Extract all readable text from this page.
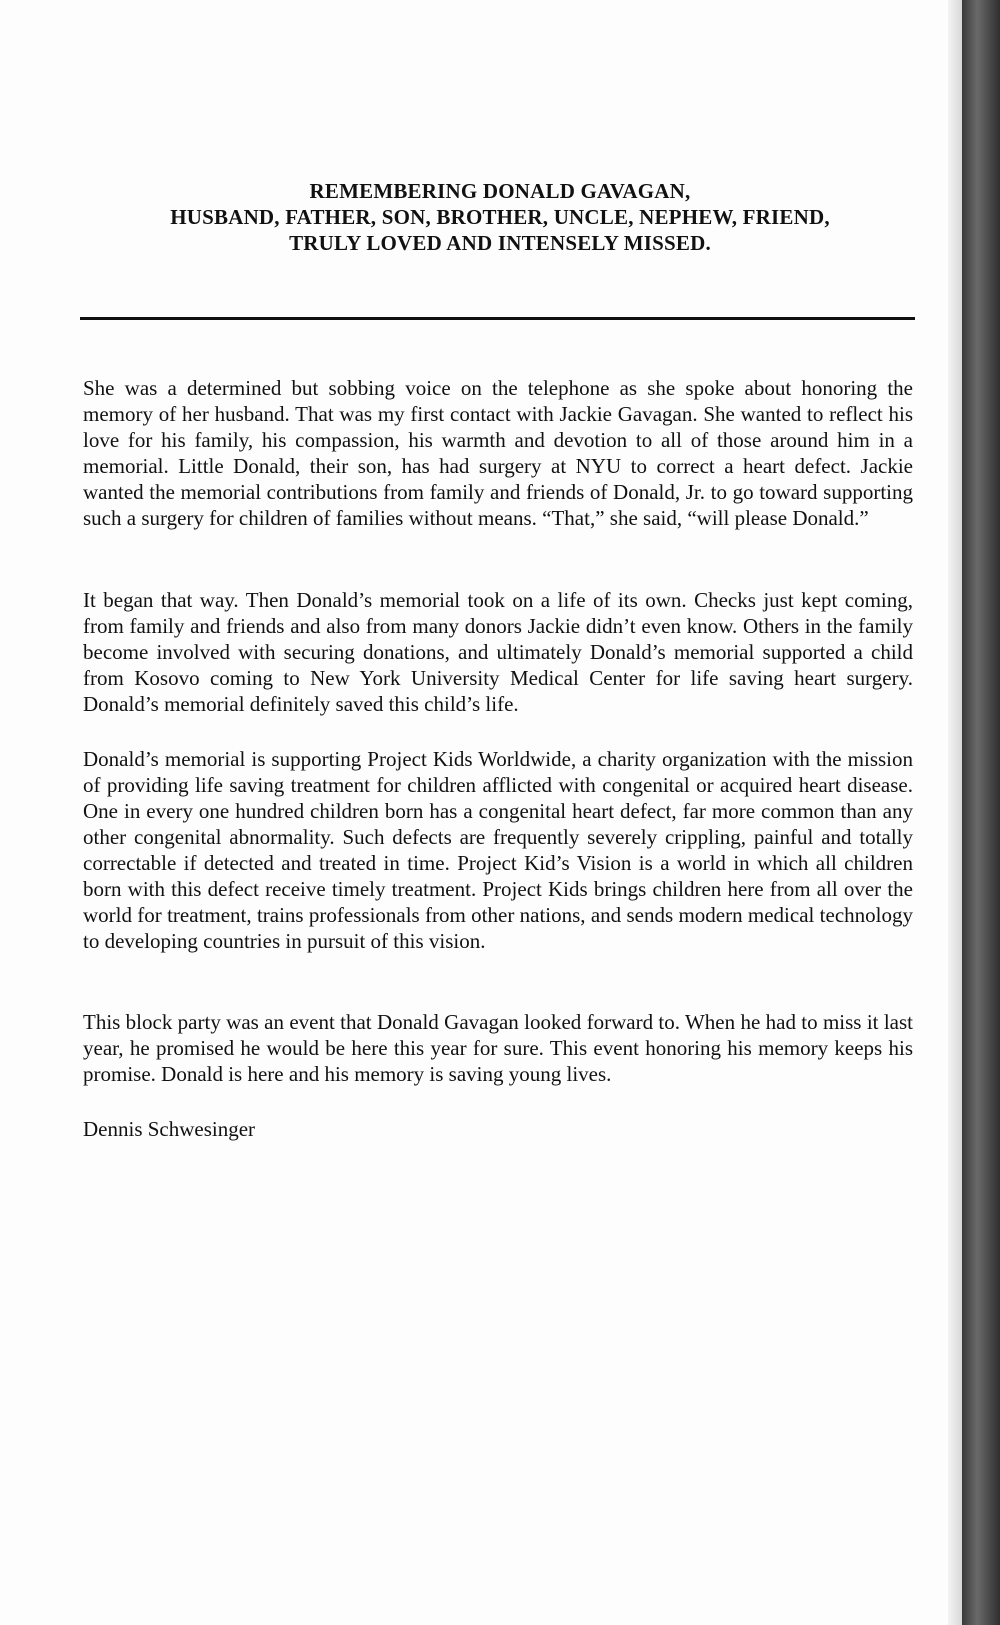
REMEMBERING DONALD GAVAGAN,
HUSBAND, FATHER, SON, BROTHER, UNCLE, NEPHEW, FRIEND,
TRULY LOVED AND INTENSELY MISSED.
She was a determined but sobbing voice on the telephone as she spoke about honoring the memory of her husband. That was my first contact with Jackie Gavagan. She wanted to reflect his love for his family, his compassion, his warmth and devotion to all of those around him in a memorial. Little Donald, their son, has had surgery at NYU to correct a heart defect. Jackie wanted the memorial contributions from family and friends of Donald, Jr. to go toward supporting such a surgery for children of families without means. “That,” she said, “will please Donald.”
It began that way. Then Donald’s memorial took on a life of its own. Checks just kept coming, from family and friends and also from many donors Jackie didn’t even know. Others in the family become involved with securing donations, and ultimately Donald’s memorial supported a child from Kosovo coming to New York University Medical Center for life saving heart surgery. Donald’s memorial definitely saved this child’s life.
Donald’s memorial is supporting Project Kids Worldwide, a charity organization with the mission of providing life saving treatment for children afflicted with congenital or acquired heart disease. One in every one hundred children born has a congenital heart defect, far more common than any other congenital abnormality. Such defects are frequently severely crippling, painful and totally correctable if detected and treated in time. Project Kid’s Vision is a world in which all children born with this defect receive timely treatment. Project Kids brings children here from all over the world for treatment, trains professionals from other nations, and sends modern medical technology to developing countries in pursuit of this vision.
This block party was an event that Donald Gavagan looked forward to. When he had to miss it last year, he promised he would be here this year for sure. This event honoring his memory keeps his promise. Donald is here and his memory is saving young lives.
Dennis Schwesinger
